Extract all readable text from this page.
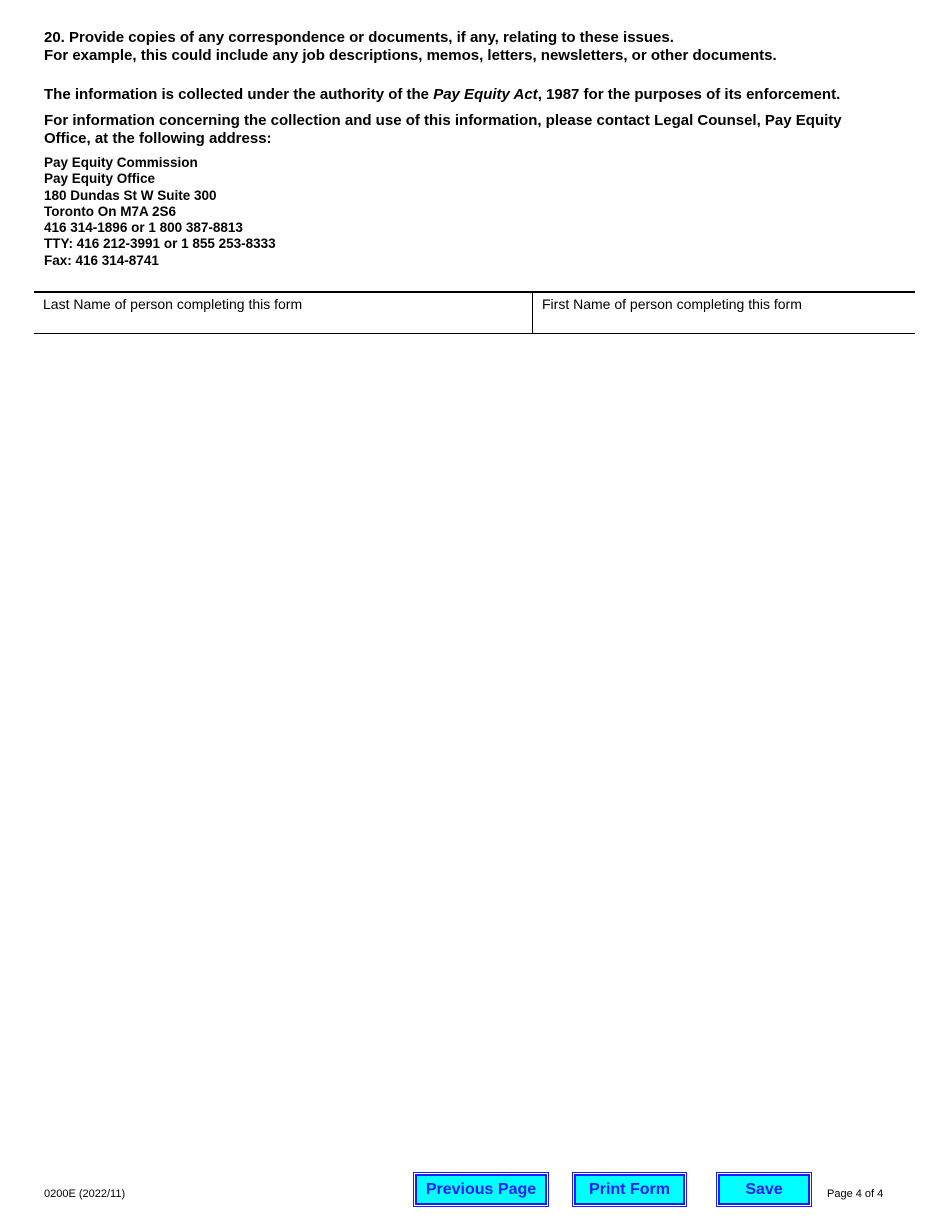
20. Provide copies of any correspondence or documents, if any, relating to these issues.
For example, this could include any job descriptions, memos, letters, newsletters, or other documents.
The information is collected under the authority of the Pay Equity Act, 1987 for the purposes of its enforcement.
For information concerning the collection and use of this information, please contact Legal Counsel, Pay Equity Office, at the following address:
Pay Equity Commission
Pay Equity Office
180 Dundas St W Suite 300
Toronto On M7A 2S6
416 314-1896 or 1 800 387-8813
TTY: 416 212-3991 or 1 855 253-8333
Fax: 416 314-8741
Last Name of person completing this form	First Name of person completing this form
0200E (2022/11)	Previous Page	Print Form	Save	Page 4 of 4
